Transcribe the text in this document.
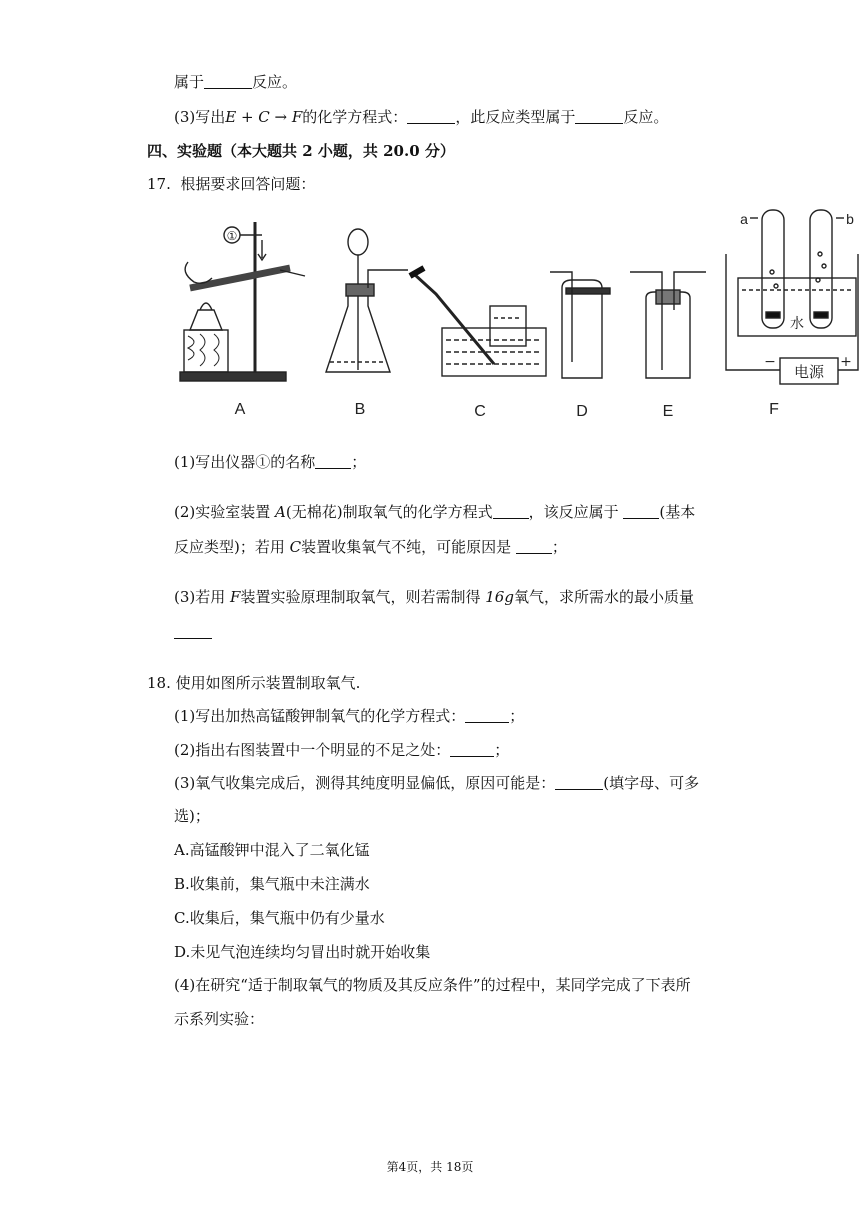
属于	反应。
(3)写出E + C → F的化学方程式：	，此反应类型属于	反应。
四、实验题（本大题共 2 小题，共 20.0 分）
17. 根据要求回答问题：
①
A	B	C	D	E
a	b
水
电源
−	+
F
(1)写出仪器①的名称 ；
(2)实验室装置 A(无棉花)制取氧气的化学方程式 ，该反应属于	(基本
反应类型)；若用 C装置收集氧气不纯，可能原因是	；
(3)若用 F装置实验原理制取氧气，则若需制得 16g氧气，求所需水的最小质量
18. 使用如图所示装置制取氧气.
(1)写出加热高锰酸钾制氧气的化学方程式：	；
(2)指出右图装置中一个明显的不足之处：	；
(3)氧气收集完成后，测得其纯度明显偏低，原因可能是：	(填字母、可多
选)；
A.高锰酸钾中混入了二氧化锰
B.收集前，集气瓶中未注满水
C.收集后，集气瓶中仍有少量水
D.未见气泡连续均匀冒出时就开始收集
(4)在研究“适于制取氧气的物质及其反应条件”的过程中，某同学完成了下表所
示系列实验：
第4页，共 18页
